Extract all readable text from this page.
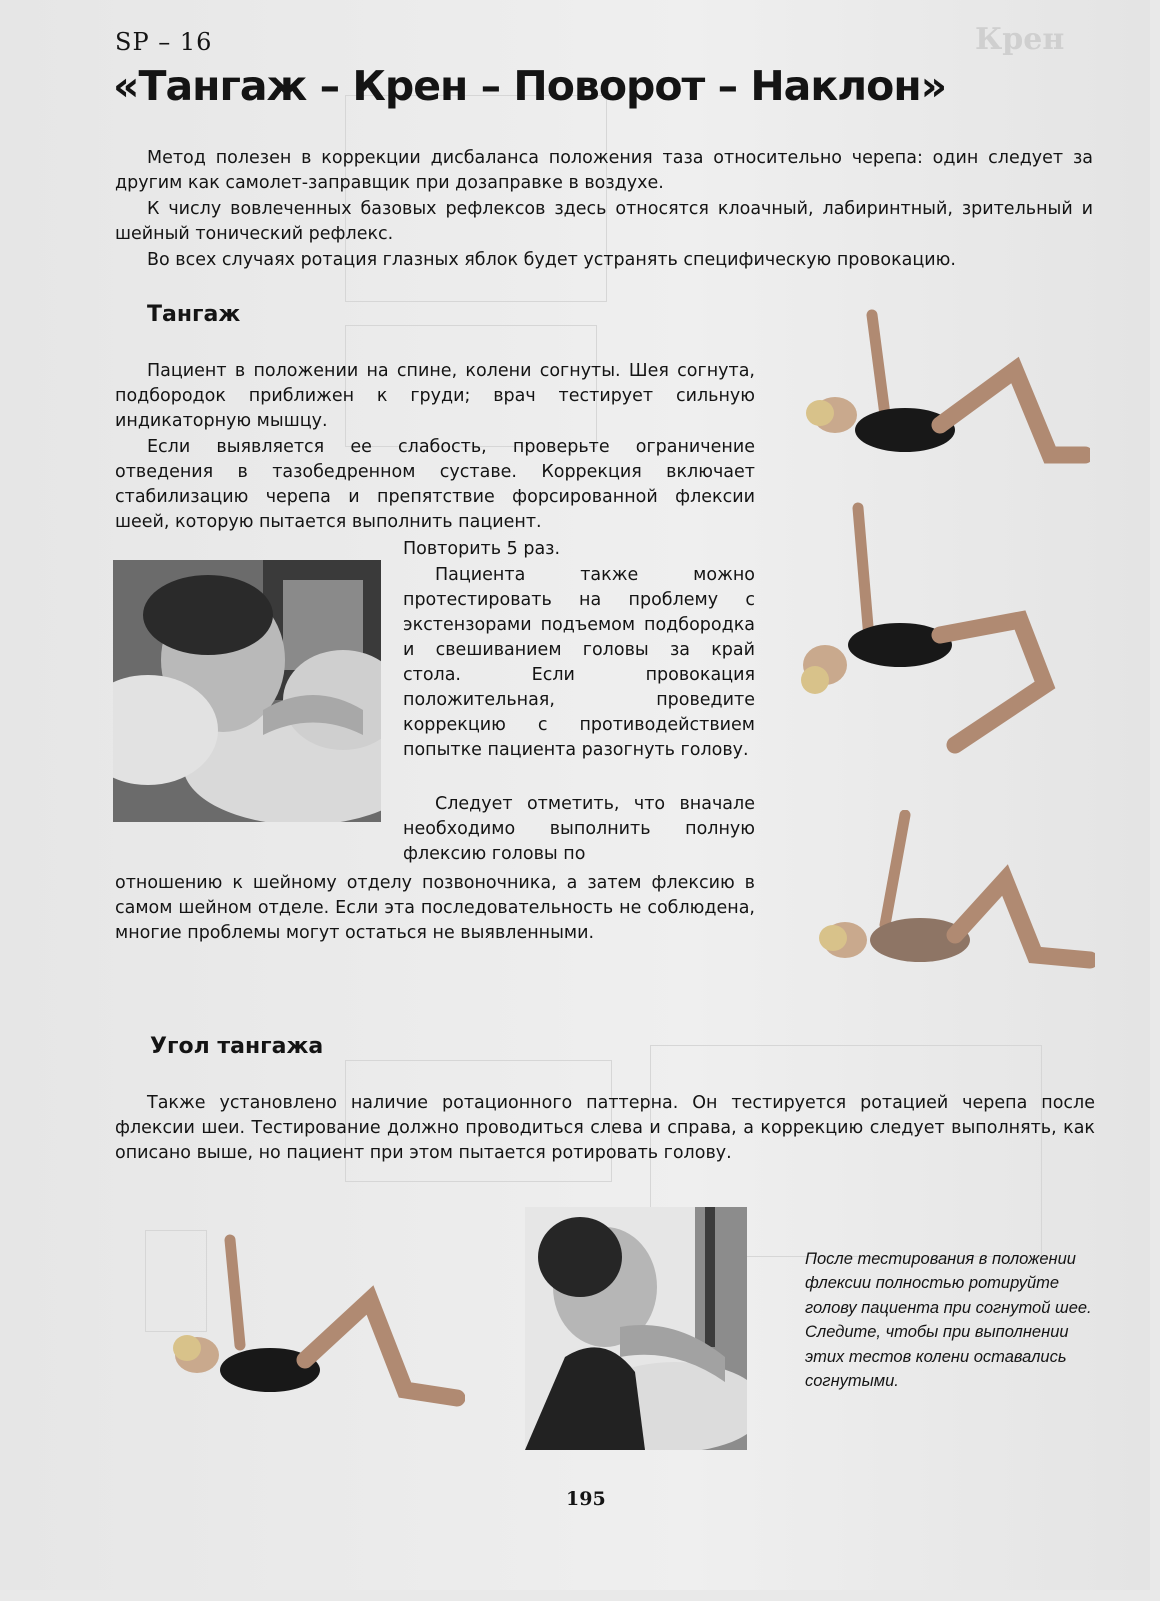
Крен
SP – 16
«Тангаж – Крен – Поворот – Наклон»

Метод полезен в коррекции дисбаланса положения таза относительно черепа: один следует за другим как самолет-заправщик при дозаправке в воздухе.

К числу вовлеченных базовых рефлексов здесь относятся клоачный, лабиринтный, зрительный и шейный тонический рефлекс.

Во всех случаях ротация глазных яблок будет устранять специфическую провокацию.

Тангаж

Пациент в положении на спине, колени согнуты. Шея согнута, подбородок приближен к груди; врач тестирует сильную индикаторную мышцу.

Если выявляется ее слабость, проверьте ограничение отведения в тазобедренном суставе. Коррекция включает стабилизацию черепа и препятствие форсированной флексии шеей, которую пытается выполнить пациент.

Повторить 5 раз.

Пациента также можно протестировать на проблему с экстензорами подъемом подбородка и свешиванием головы за край стола. Если провокация положительная, проведите коррекцию с противодействием попытке пациента разогнуть голову.

Следует отметить, что вначале необходимо выполнить полную флексию головы по

отношению к шейному отделу позвоночника, а затем флексию в самом шейном отделе. Если эта последовательность не соблюдена, многие проблемы могут остаться не выявленными.

Угол тангажа

Также установлено наличие ротационного паттерна. Он тестируется ротацией черепа после флексии шеи. Тестирование должно проводиться слева и справа, а коррекцию следует выполнять, как описано выше, но пациент при этом пытается ротировать голову.

После тестирования в положении флексии полностью ротируйте голову пациента при согнутой шее. Следите, чтобы при выполнении этих тестов колени оставались согнутыми.

195
